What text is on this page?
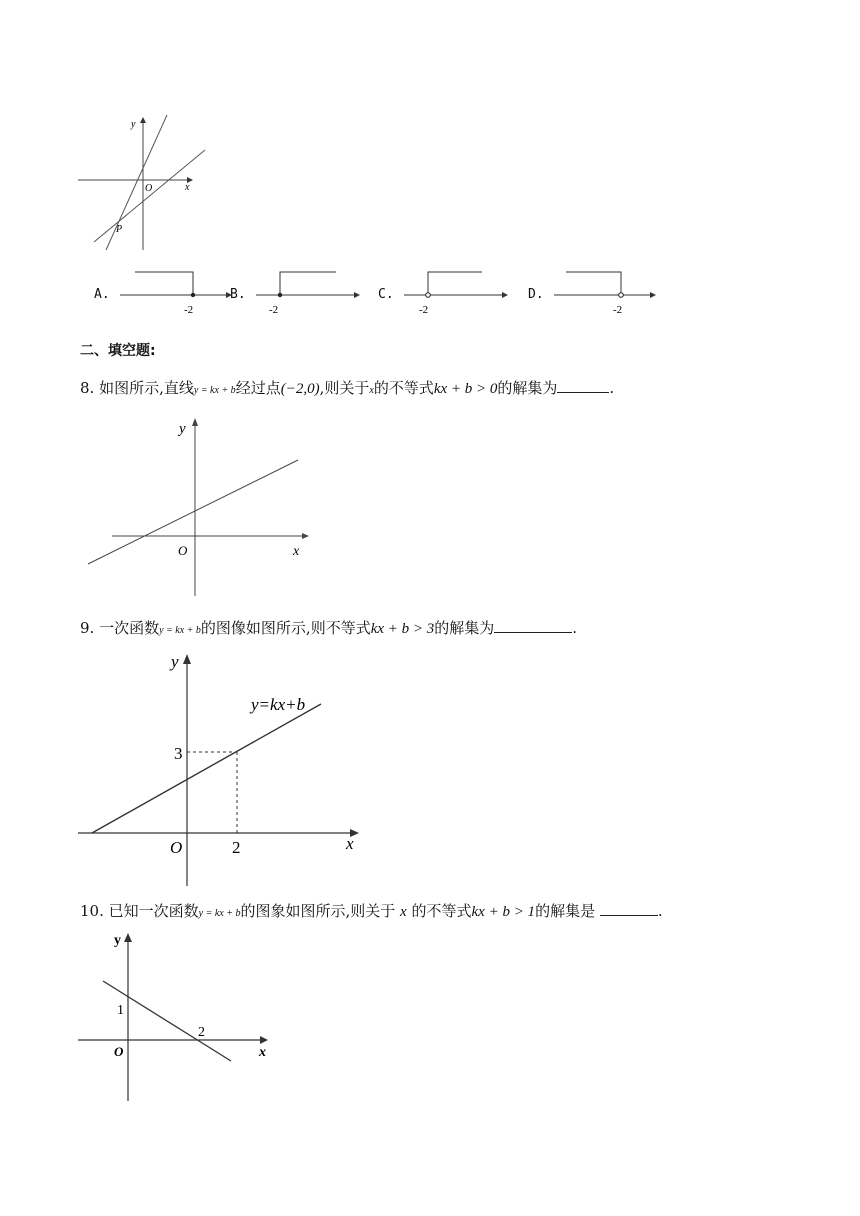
y
x
O
P
A.
-2
B.
-2
C.
-2
D.
-2
二、填空题:
8. 如图所示,直线y = kx + b经过点(−2,0),则关于x的不等式kx + b > 0的解集为	.
y
x
O
9. 一次函数y = kx + b的图像如图所示,则不等式kx + b > 3的解集为	.
y
x
O
y=kx+b
3
2
10. 已知一次函数y = kx + b的图象如图所示,则关于 x 的不等式kx + b > 1的解集是	.
y
x
O
1
2
